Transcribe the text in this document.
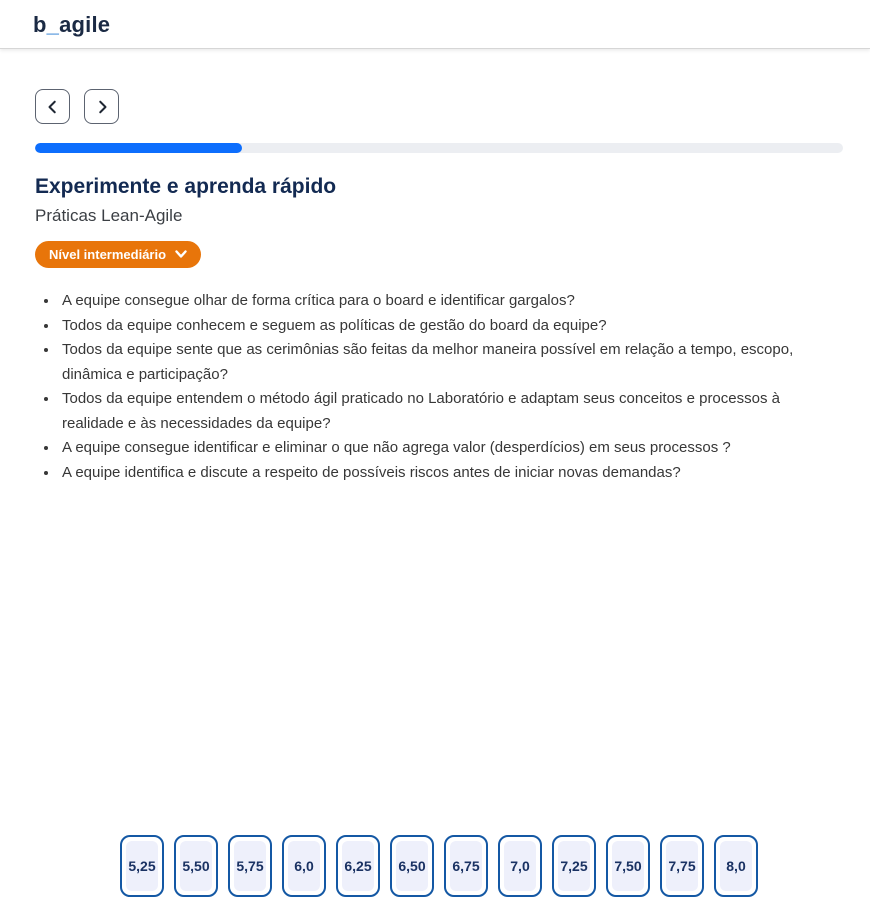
b_agile
Experimente e aprenda rápido
Práticas Lean-Agile
Nível intermediário
• A equipe consegue olhar de forma crítica para o board e identificar gargalos?
• Todos da equipe conhecem e seguem as políticas de gestão do board da equipe?
• Todos da equipe sente que as cerimônias são feitas da melhor maneira possível em relação a tempo, escopo, dinâmica e participação?
• Todos da equipe entendem o método ágil praticado no Laboratório e adaptam seus conceitos e processos à realidade e às necessidades da equipe?
• A equipe consegue identificar e eliminar o que não agrega valor (desperdícios) em seus processos ?
• A equipe identifica e discute a respeito de possíveis riscos antes de iniciar novas demandas?
5,25 5,50 5,75	6,0	6,25 6,50 6,75	7,0	7,25 7,50 7,75	8,0
